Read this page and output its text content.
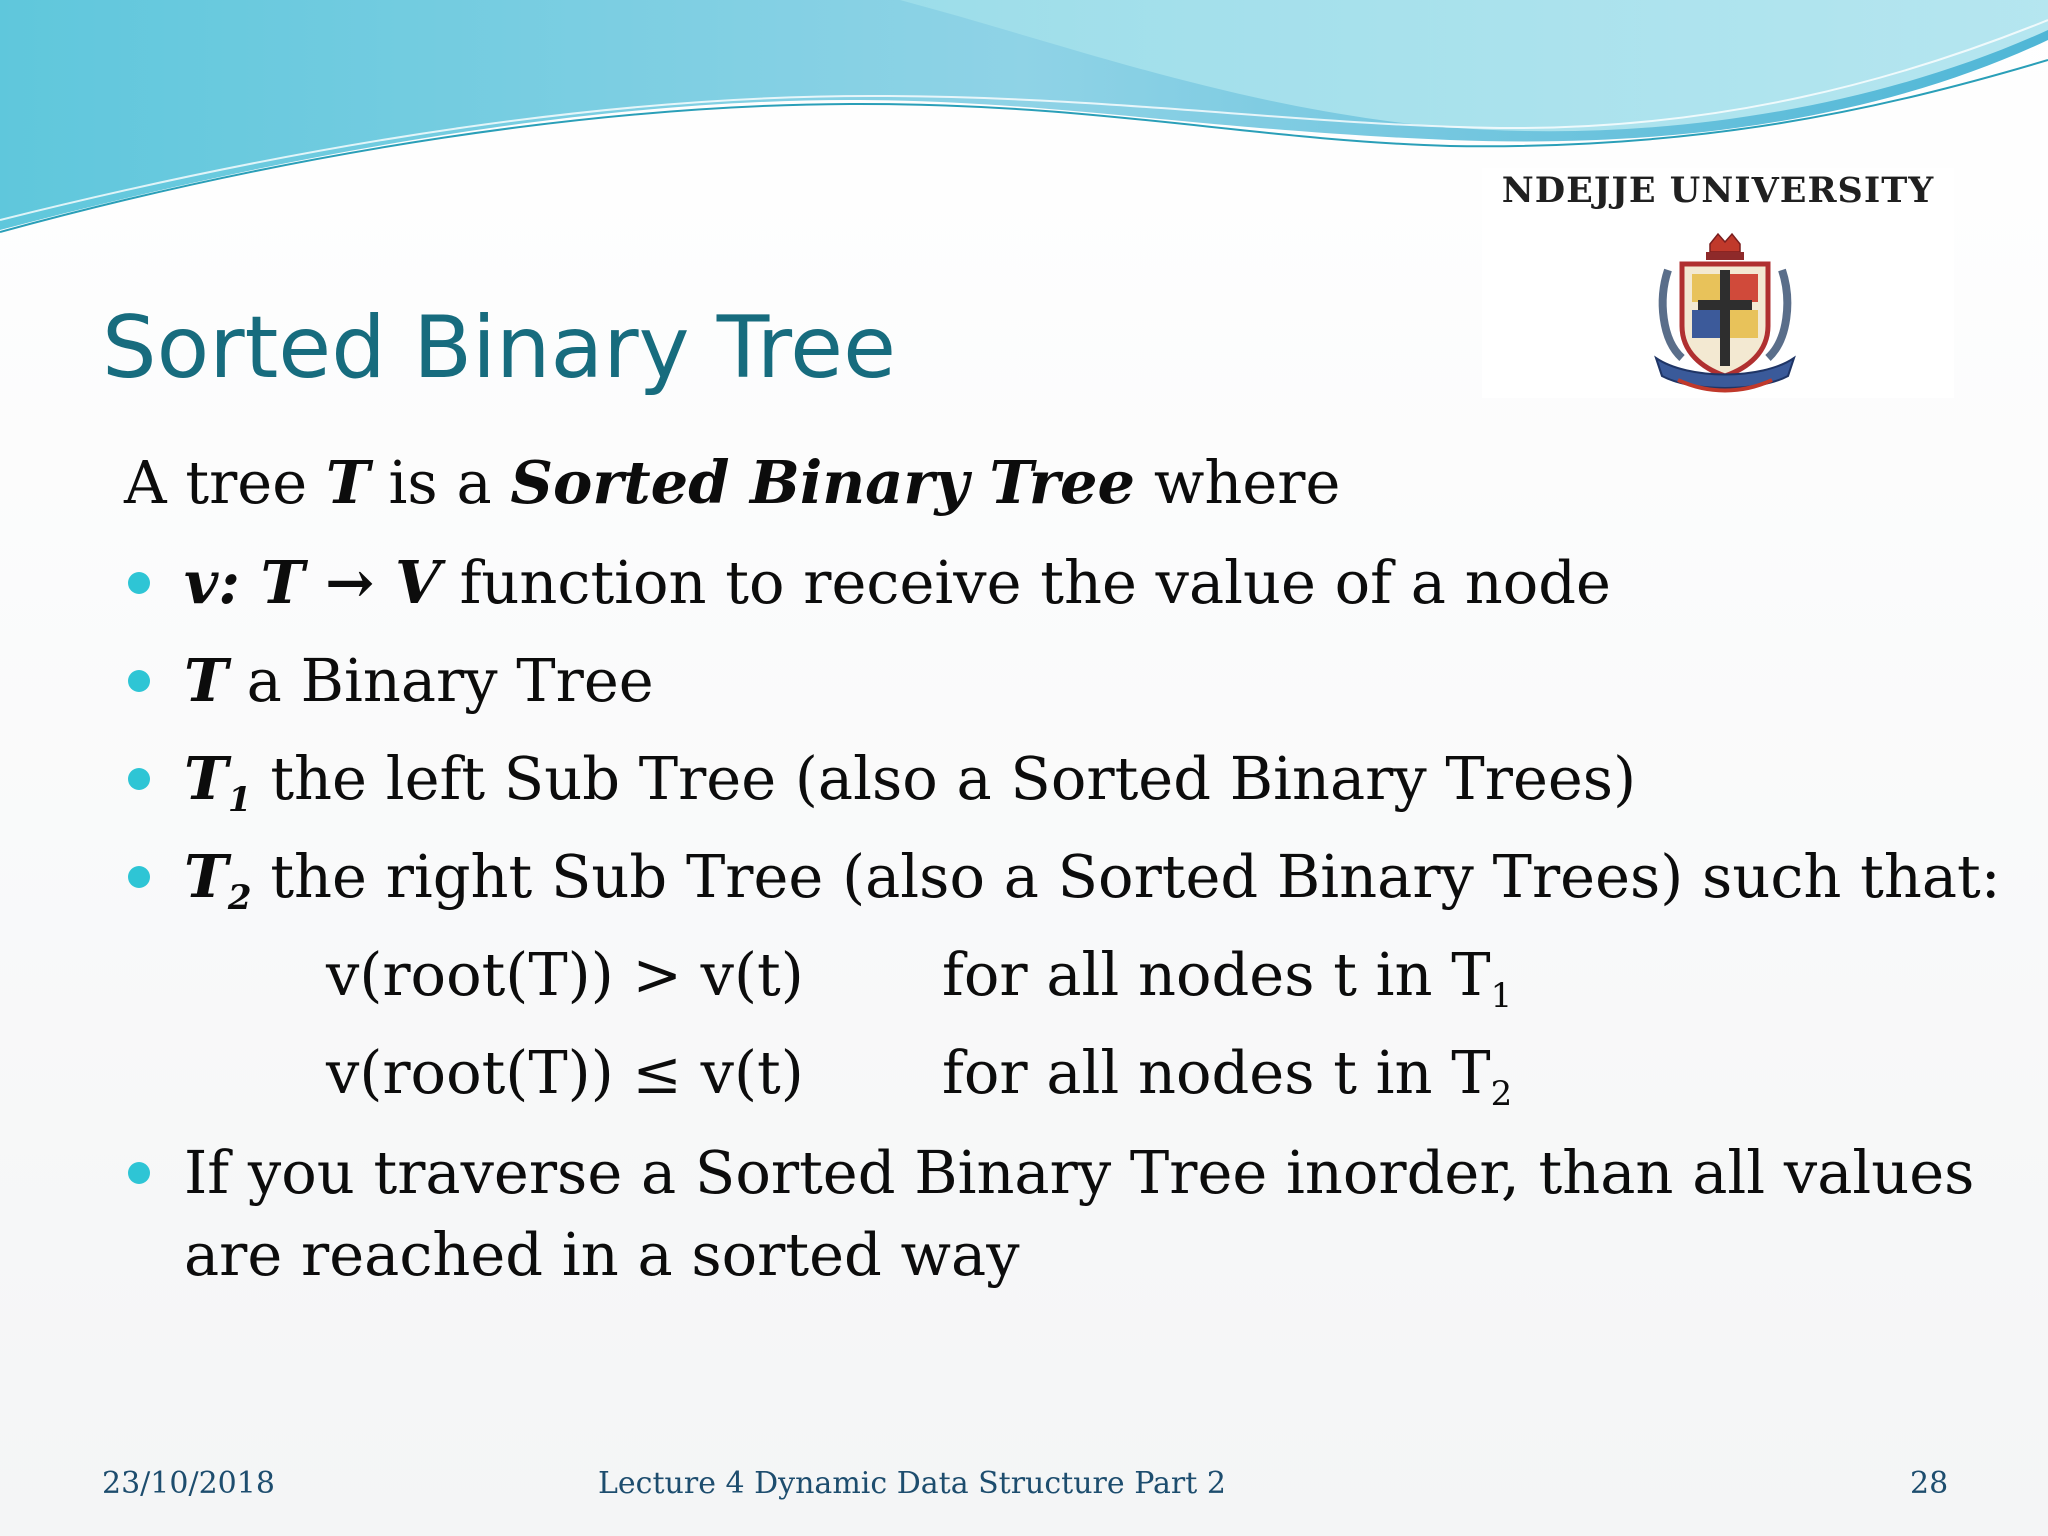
NDEJJE UNIVERSITY
Sorted Binary Tree
A tree T is a Sorted Binary Tree where
v: T → V function to receive the value of a node
T a Binary Tree
$T_1$ the left Sub Tree (also a Sorted Binary Trees)
$T_2$ the right Sub Tree (also a Sorted Binary Trees) such that:
v(root(T)) > v(t) for all nodes t in $T_1$
v(root(T)) ≤ v(t) for all nodes t in $T_2$
If you traverse a Sorted Binary Tree inorder, than all values
are reached in a sorted way
23/10/2018	Lecture 4 Dynamic Data Structure Part 2	28
